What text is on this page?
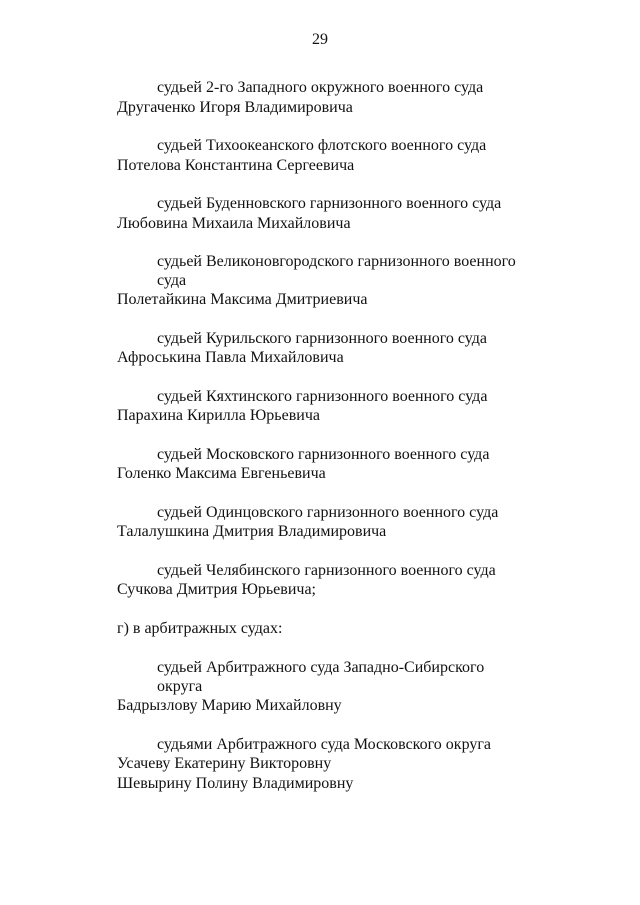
29
судьей 2-го Западного окружного военного суда
Другаченко Игоря Владимировича
судьей Тихоокеанского флотского военного суда
Потелова Константина Сергеевича
судьей Буденновского гарнизонного военного суда
Любовина Михаила Михайловича
судьей Великоновгородского гарнизонного военного
суда
Полетайкина Максима Дмитриевича
судьей Курильского гарнизонного военного суда
Афроськина Павла Михайловича
судьей Кяхтинского гарнизонного военного суда
Парахина Кирилла Юрьевича
судьей Московского гарнизонного военного суда
Голенко Максима Евгеньевича
судьей Одинцовского гарнизонного военного суда
Талалушкина Дмитрия Владимировича
судьей Челябинского гарнизонного военного суда
Сучкова Дмитрия Юрьевича;
г) в арбитражных судах:
судьей Арбитражного суда Западно-Сибирского
округа
Бадрызлову Марию Михайловну
судьями Арбитражного суда Московского округа
Усачеву Екатерину Викторовну
Шевырину Полину Владимировну
